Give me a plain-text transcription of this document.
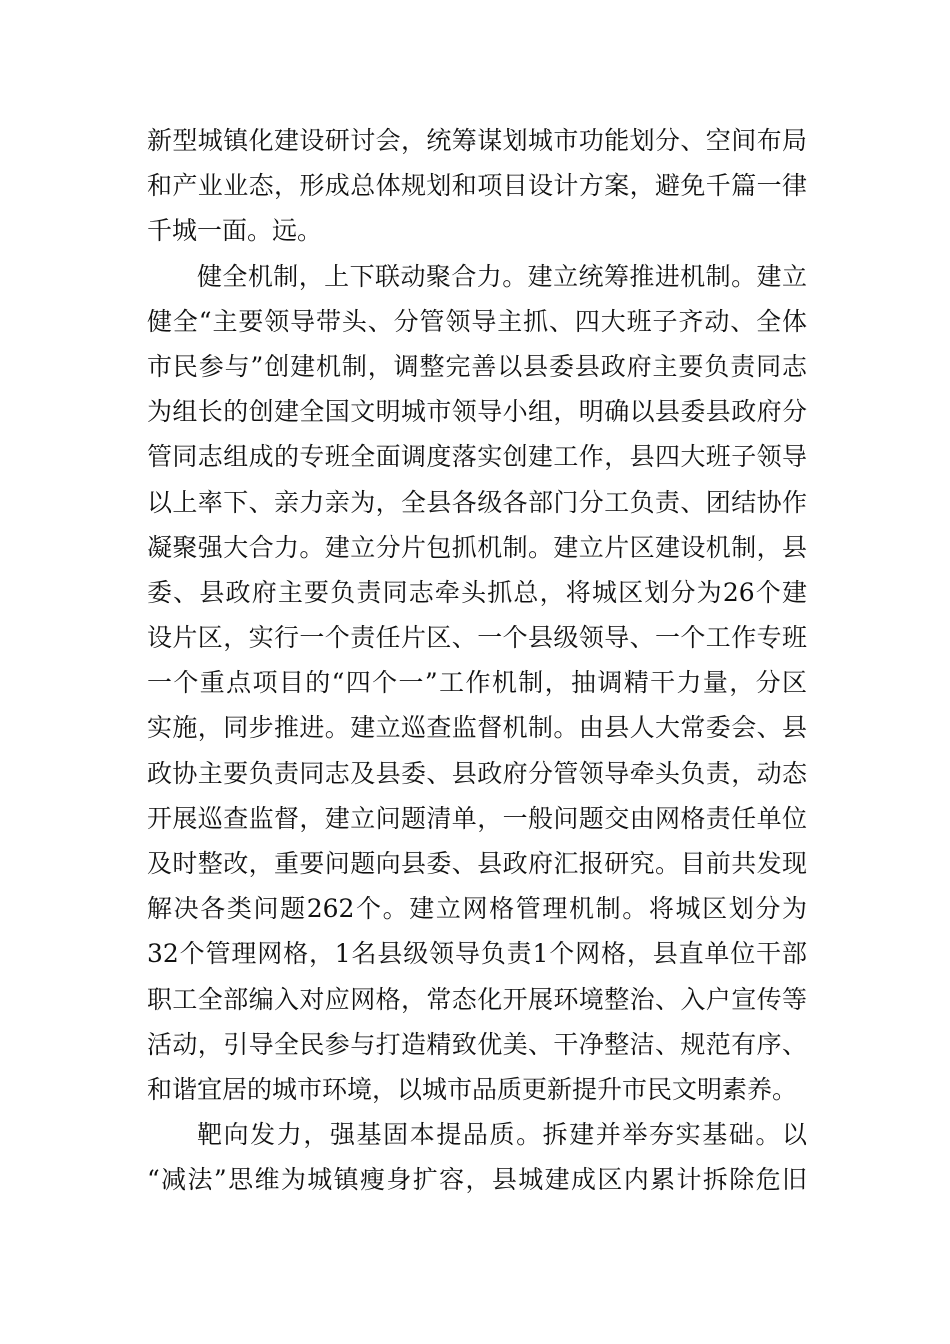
新型城镇化建设研讨会，统筹谋划城市功能划分、空间布局
和产业业态，形成总体规划和项目设计方案，避免千篇一律
千城一面。远。
健全机制，上下联动聚合力。建立统筹推进机制。建立
健全“主要领导带头、分管领导主抓、四大班子齐动、全体
市民参与”创建机制，调整完善以县委县政府主要负责同志
为组长的创建全国文明城市领导小组，明确以县委县政府分
管同志组成的专班全面调度落实创建工作，县四大班子领导
以上率下、亲力亲为，全县各级各部门分工负责、团结协作
凝聚强大合力。建立分片包抓机制。建立片区建设机制，县
委、县政府主要负责同志牵头抓总，将城区划分为26个建
设片区，实行一个责任片区、一个县级领导、一个工作专班
一个重点项目的“四个一”工作机制，抽调精干力量，分区
实施，同步推进。建立巡查监督机制。由县人大常委会、县
政协主要负责同志及县委、县政府分管领导牵头负责，动态
开展巡查监督，建立问题清单，一般问题交由网格责任单位
及时整改，重要问题向县委、县政府汇报研究。目前共发现
解决各类问题262个。建立网格管理机制。将城区划分为
32个管理网格，1名县级领导负责1个网格，县直单位干部
职工全部编入对应网格，常态化开展环境整治、入户宣传等
活动，引导全民参与打造精致优美、干净整洁、规范有序、
和谐宜居的城市环境，以城市品质更新提升市民文明素养。
靶向发力，强基固本提品质。拆建并举夯实基础。以
“减法”思维为城镇瘦身扩容，县城建成区内累计拆除危旧
